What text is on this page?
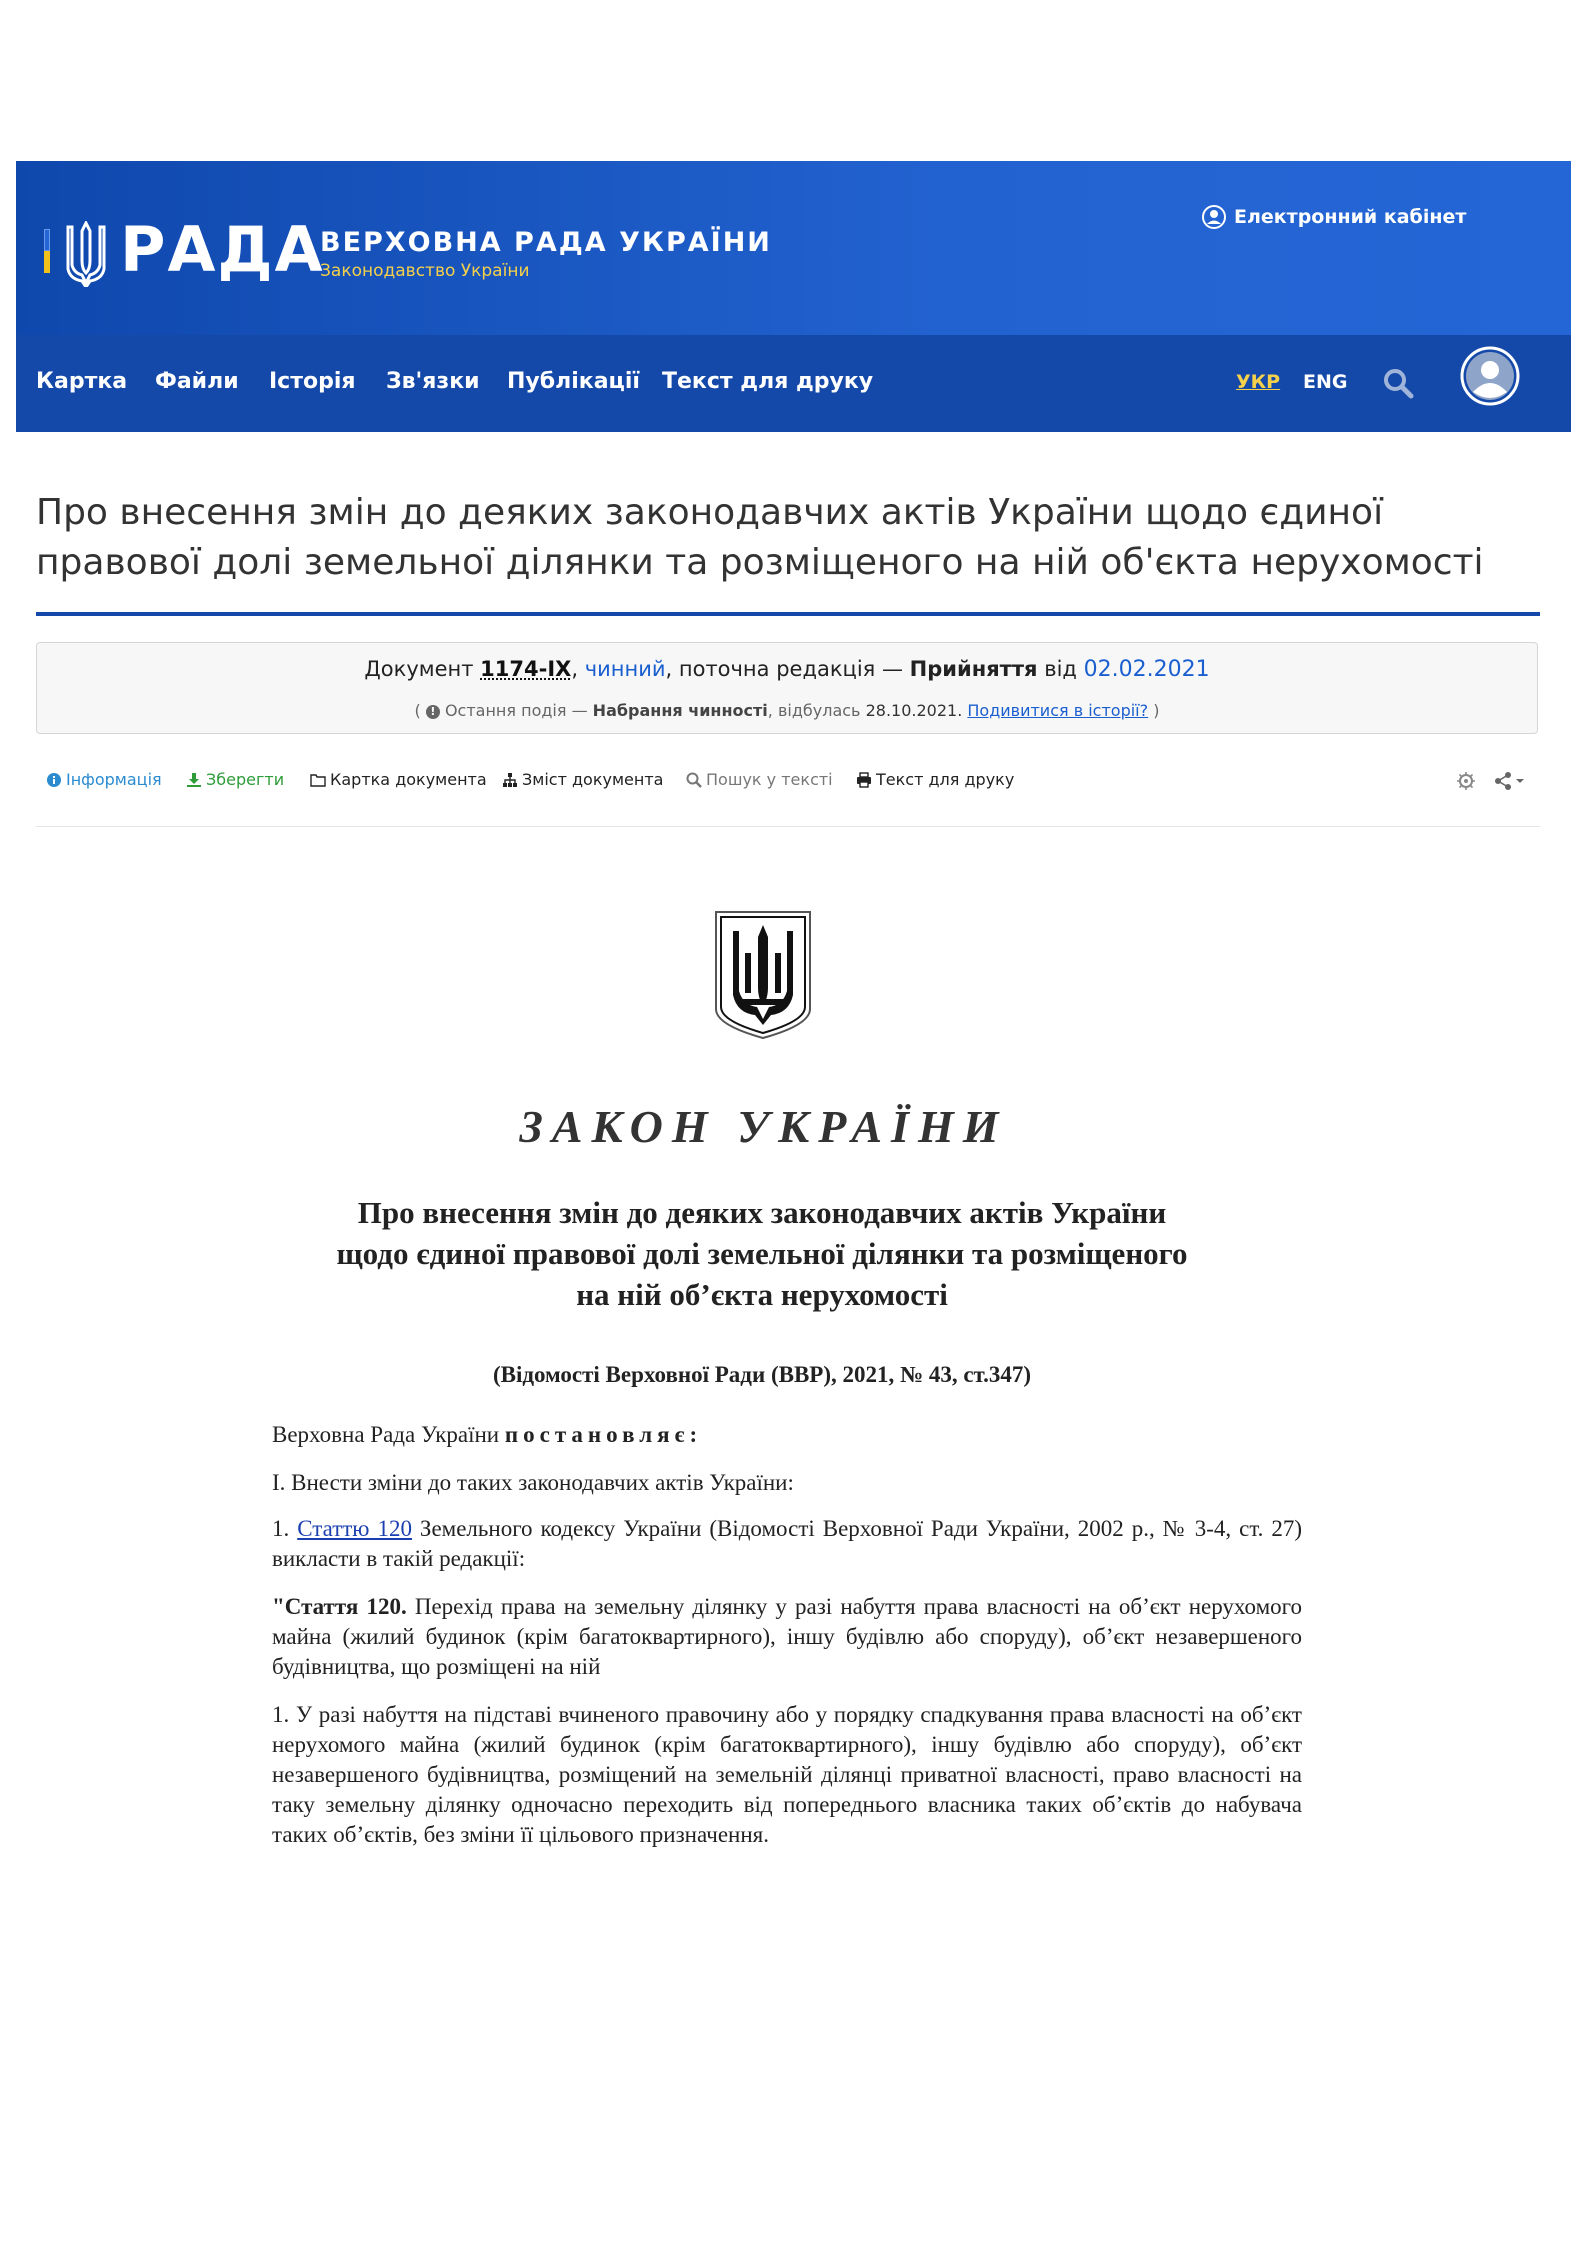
РАДА
ВЕРХОВНА РАДА УКРАЇНИ
Законодавство України
Електронний кабінет
Картка Файли Історія Зв'язки Публікації Текст для друку	УКР ENG
Про внесення змін до деяких законодавчих актів України щодо єдиної правової долі земельної ділянки та розміщеного на ній об'єкта нерухомості
Документ 1174-IX, чинний, поточна редакція — Прийняття від 02.02.2021
( ! Остання подія — Набрання чинності, відбулась 28.10.2021. Подивитися в історії? )
Інформація	Зберегти	Картка документа Зміст документа	Пошук у тексті	Текст для друку
ЗАКОН УКРАЇНИ
Про внесення змін до деяких законодавчих актів України
щодо єдиної правової долі земельної ділянки та розміщеного
на ній об’єкта нерухомості
(Відомості Верховної Ради (ВВР), 2021, № 43, ст.347)
Верховна Рада України постановляє:
I. Внести зміни до таких законодавчих актів України:
1. Статтю 120 Земельного кодексу України (Відомості Верховної Ради України, 2002 р., № 3-4, ст. 27) викласти в такій редакції:
"Стаття 120. Перехід права на земельну ділянку у разі набуття права власності на об’єкт нерухомого майна (жилий будинок (крім багатоквартирного), іншу будівлю або споруду), об’єкт незавершеного будівництва, що розміщені на ній
1. У разі набуття на підставі вчиненого правочину або у порядку спадкування права власності на об’єкт нерухомого майна (жилий будинок (крім багатоквартирного), іншу будівлю або споруду), об’єкт незавершеного будівництва, розміщений на земельній ділянці приватної власності, право власності на таку земельну ділянку одночасно переходить від попереднього власника таких об’єктів до набувача таких об’єктів, без зміни її цільового призначення.
